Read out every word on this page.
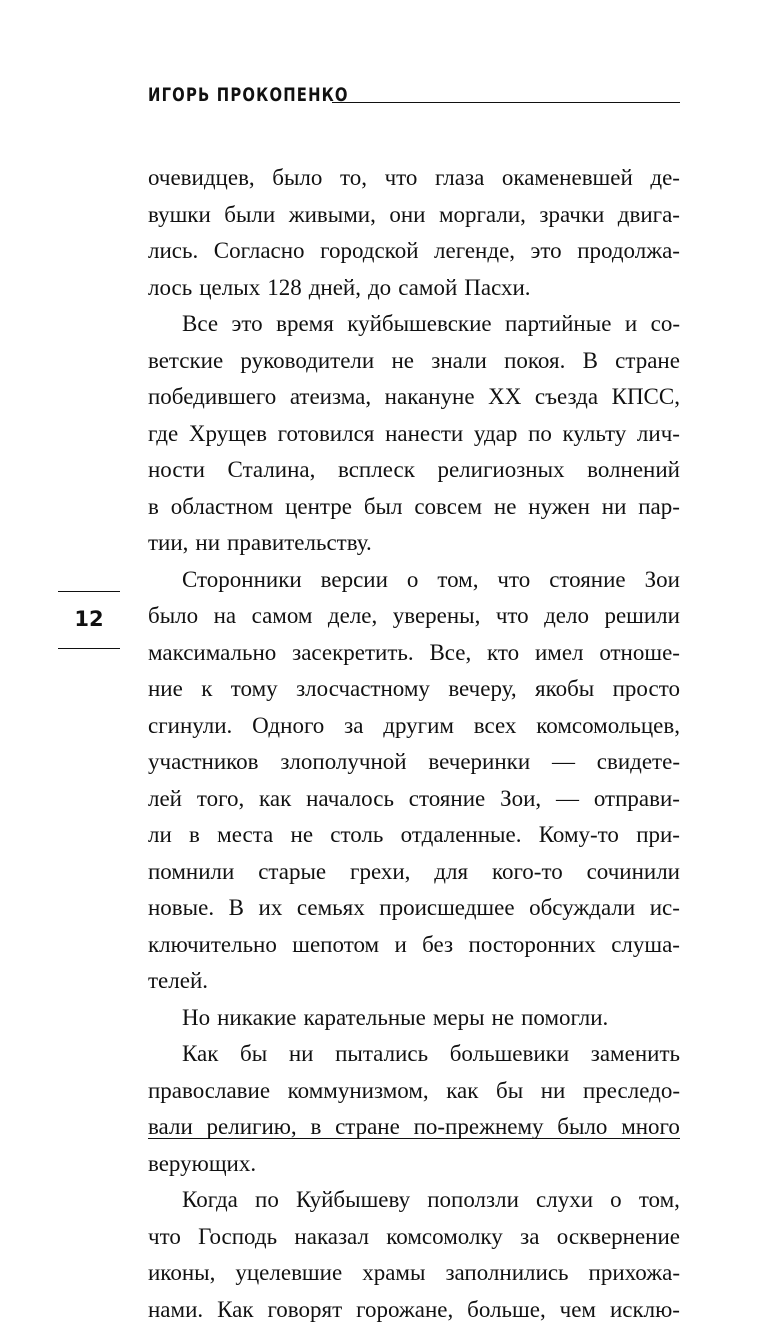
ИГОРЬ ПРОКОПЕНКО
12
очевидцев, было то, что глаза окаменевшей де-
вушки были живыми, они моргали, зрачки двига-
лись. Согласно городской легенде, это продолжа-
лось целых 128 дней, до самой Пасхи.
Все это время куйбышевские партийные и со-
ветские руководители не знали покоя. В стране
победившего атеизма, накануне XX съезда КПСС,
где Хрущев готовился нанести удар по культу лич-
ности Сталина, всплеск религиозных волнений
в областном центре был совсем не нужен ни пар-
тии, ни правительству.
Сторонники версии о том, что стояние Зои
было на самом деле, уверены, что дело решили
максимально засекретить. Все, кто имел отноше-
ние к тому злосчастному вечеру, якобы просто
сгинули. Одного за другим всех комсомольцев,
участников злополучной вечеринки — свидете-
лей того, как началось стояние Зои, — отправи-
ли в места не столь отдаленные. Кому-то при-
помнили старые грехи, для кого-то сочинили
новые. В их семьях происшедшее обсуждали ис-
ключительно шепотом и без посторонних слуша-
телей.
Но никакие карательные меры не помогли.
Как бы ни пытались большевики заменить
православие коммунизмом, как бы ни преследо-
вали религию, в стране по-прежнему было много
верующих.
Когда по Куйбышеву поползли слухи о том,
что Господь наказал комсомолку за осквернение
иконы, уцелевшие храмы заполнились прихожа-
нами. Как говорят горожане, больше, чем исклю-
